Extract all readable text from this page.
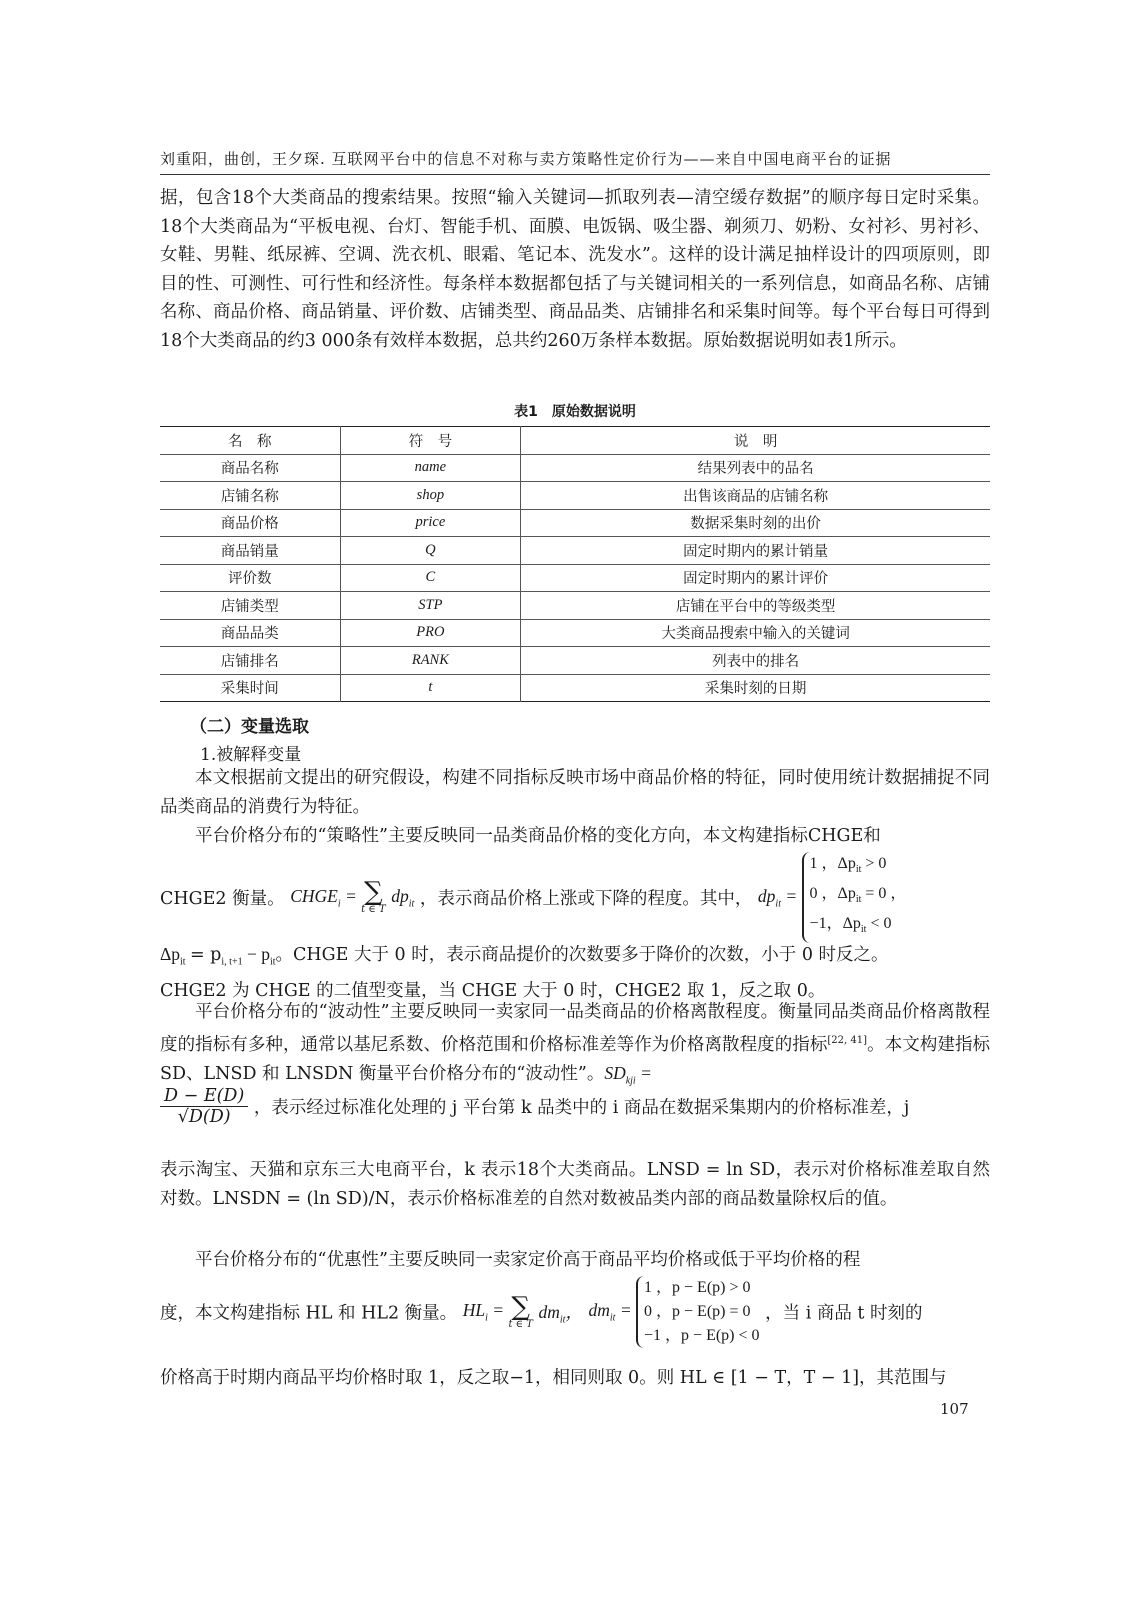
刘重阳，曲创，王夕琛. 互联网平台中的信息不对称与卖方策略性定价行为——来自中国电商平台的证据

据，包含18个大类商品的搜索结果。按照“输入关键词—抓取列表—清空缓存数据”的顺序每日定时采集。18个大类商品为“平板电视、台灯、智能手机、面膜、电饭锅、吸尘器、剃须刀、奶粉、女衬衫、男衬衫、女鞋、男鞋、纸尿裤、空调、洗衣机、眼霜、笔记本、洗发水”。这样的设计满足抽样设计的四项原则，即目的性、可测性、可行性和经济性。每条样本数据都包括了与关键词相关的一系列信息，如商品名称、店铺名称、商品价格、商品销量、评价数、店铺类型、商品品类、店铺排名和采集时间等。每个平台每日可得到18个大类商品的约3 000条有效样本数据，总共约260万条样本数据。原始数据说明如表1所示。

表1　原始数据说明
名　称	符　号	说　明
商品名称	name	结果列表中的品名
店铺名称	shop	出售该商品的店铺名称
商品价格	price	数据采集时刻的出价
商品销量	Q	固定时期内的累计销量
评价数	C	固定时期内的累计评价
店铺类型	STP	店铺在平台中的等级类型
商品品类	PRO	大类商品搜索中输入的关键词
店铺排名	RANK	列表中的排名
采集时间	t	采集时刻的日期
（二）变量选取
1.被解释变量

本文根据前文提出的研究假设，构建不同指标反映市场中商品价格的特征，同时使用统计数据捕捉不同品类商品的消费行为特征。

平台价格分布的“策略性”主要反映同一品类商品价格的变化方向，本文构建指标CHGE和

CHGE2 衡量。 $CHGE_i$ = ∑
t ∈ T
$dp_{it}$ ，表示商品价格上涨或下降的程度。其中， $dp_{it} = 1$ ，$\Delta p_{it} > 0$
0 ，$\Delta p_{it} = 0$ ，
−1，$\Delta p_{it} < 0$

$\Delta p_{it} = p_{i, t+1} - p_{it}$。CHGE 大于 0 时，表示商品提价的次数要多于降价的次数，小于 0 时反之。

CHGE2 为 CHGE 的二值型变量，当 CHGE 大于 0 时，CHGE2 取 1，反之取 0。

平台价格分布的“波动性”主要反映同一卖家同一品类商品的价格离散程度。衡量同品类商品价格离散程度的指标有多种，通常以基尼系数、价格范围和价格标准差等作为价格离散程度的指标[22, 41]。本文构建指标 SD、LNSD 和 LNSDN 衡量平台价格分布的“波动性”。$SD_{kji}$ =

$\frac{D - E(D)}{√D(D)}$ ，表示经过标准化处理的 j 平台第 k 品类中的 i 商品在数据采集期内的价格标准差，j

表示淘宝、天猫和京东三大电商平台，k 表示18个大类商品。LNSD = ln SD，表示对价格标准差取自然对数。LNSDN = (ln SD)/N，表示价格标准差的自然对数被品类内部的商品数量除权后的值。

平台价格分布的“优惠性”主要反映同一卖家定价高于商品平均价格或低于平均价格的程

度，本文构建指标 HL 和 HL2 衡量。 $HL_i$ = ∑
t ∈ T
$dm_{it}$， $dm_{it} = 1$ ，p − E(p) > 0
0 ，p − E(p) = 0
−1 ，p − E(p) < 0 ，当 i 商品 t 时刻的

价格高于时期内商品平均价格时取 1，反之取−1，相同则取 0。则 HL ∈ [1 − T，T − 1]，其范围与

107
